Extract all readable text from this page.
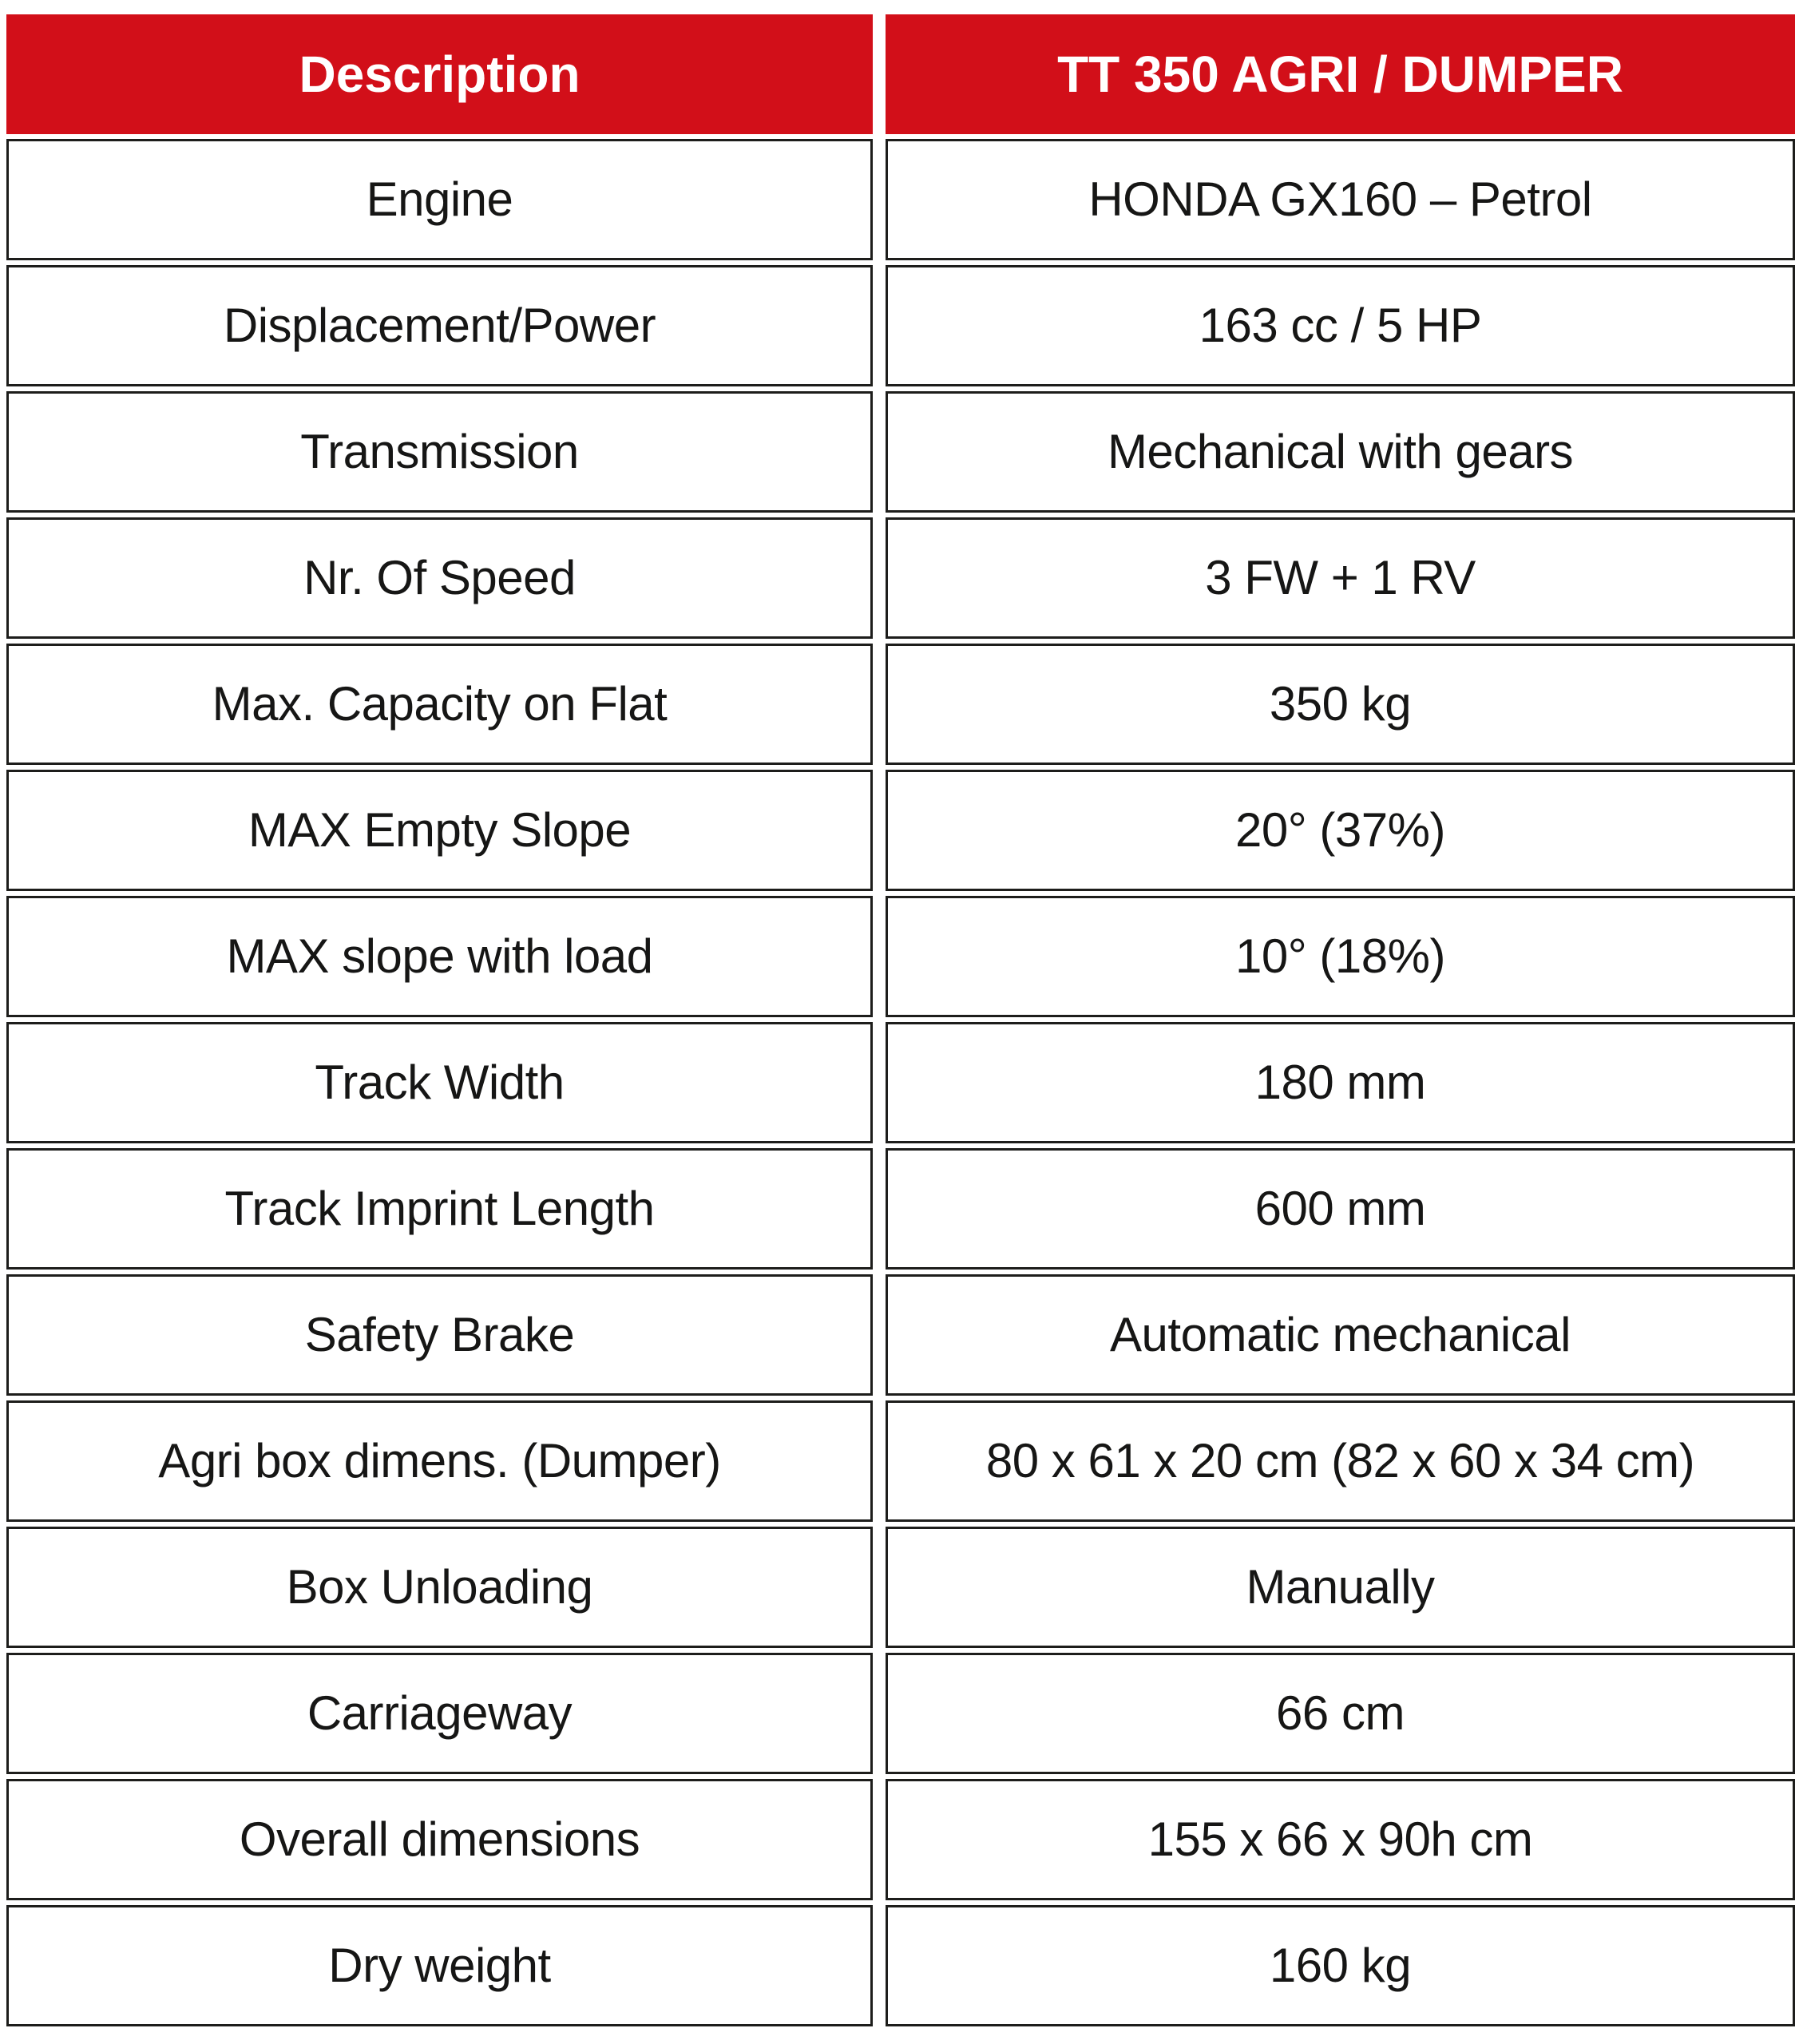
Description	TT 350 AGRI / DUMPER
Engine	HONDA GX160 – Petrol
Displacement/Power	163 cc / 5 HP
Transmission	Mechanical with gears
Nr. Of Speed	3 FW + 1 RV
Max. Capacity on Flat	350 kg
MAX Empty Slope	20° (37%)
MAX slope with load	10° (18%)
Track Width	180 mm
Track Imprint Length	600 mm
Safety Brake	Automatic mechanical
Agri box dimens. (Dumper)	80 x 61 x 20 cm (82 x 60 x 34 cm)
Box Unloading	Manually
Carriageway	66 cm
Overall dimensions	155 x 66 x 90h cm
Dry weight	160 kg
